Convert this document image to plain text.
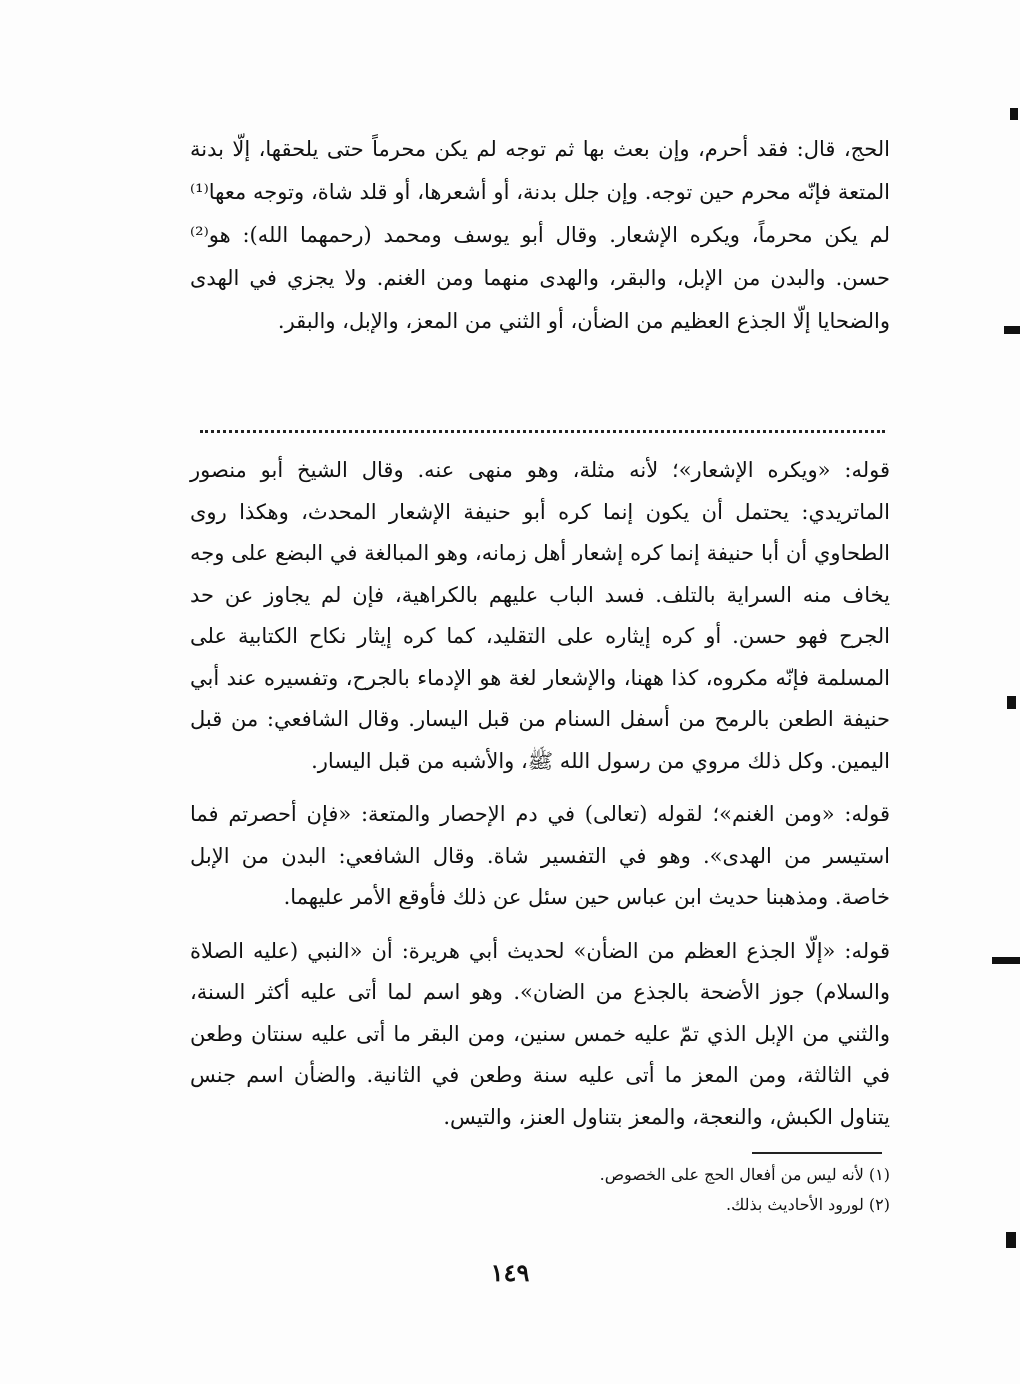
الحج، قال: فقد أحرم، وإن بعث بها ثم توجه لم يكن محرماً حتى يلحقها، إلّا بدنة المتعة فإنّه محرم حين توجه. وإن جلل بدنة، أو أشعرها، أو قلد شاة، وتوجه معها⁽¹⁾ لم يكن محرماً، ويكره الإشعار. وقال أبو يوسف ومحمد (رحمهما الله): هو⁽²⁾ حسن. والبدن من الإبل، والبقر، والهدى منهما ومن الغنم. ولا يجزي في الهدى والضحايا إلّا الجذع العظيم من الضأن، أو الثني من المعز، والإبل، والبقر.

قوله: «ويكره الإشعار»؛ لأنه مثلة، وهو منهى عنه. وقال الشيخ أبو منصور الماتريدي: يحتمل أن يكون إنما كره أبو حنيفة الإشعار المحدث، وهكذا روى الطحاوي أن أبا حنيفة إنما كره إشعار أهل زمانه، وهو المبالغة في البضع على وجه يخاف منه السراية بالتلف. فسد الباب عليهم بالكراهية، فإن لم يجاوز عن حد الجرح فهو حسن. أو كره إيثاره على التقليد، كما كره إيثار نكاح الكتابية على المسلمة فإنّه مكروه، كذا ههنا، والإشعار لغة هو الإدماء بالجرح، وتفسيره عند أبي حنيفة الطعن بالرمح من أسفل السنام من قبل اليسار. وقال الشافعي: من قبل اليمين. وكل ذلك مروي من رسول الله ﷺ، والأشبه من قبل اليسار.

قوله: «ومن الغنم»؛ لقوله (تعالى) في دم الإحصار والمتعة: «فإن أحصرتم فما استيسر من الهدى». وهو في التفسير شاة. وقال الشافعي: البدن من الإبل خاصة. ومذهبنا حديث ابن عباس حين سئل عن ذلك فأوقع الأمر عليهما.

قوله: «إلّا الجذع العظم من الضأن» لحديث أبي هريرة: أن «النبي (عليه الصلاة والسلام) جوز الأضحة بالجذع من الضان». وهو اسم لما أتى عليه أكثر السنة، والثني من الإبل الذي تمّ عليه خمس سنين، ومن البقر ما أتى عليه سنتان وطعن في الثالثة، ومن المعز ما أتى عليه سنة وطعن في الثانية. والضأن اسم جنس يتناول الكبش، والنعجة، والمعز بتناول العنز، والتيس.

(١) لأنه ليس من أفعال الحج على الخصوص.

(٢) لورود الأحاديث بذلك.

١٤٩
